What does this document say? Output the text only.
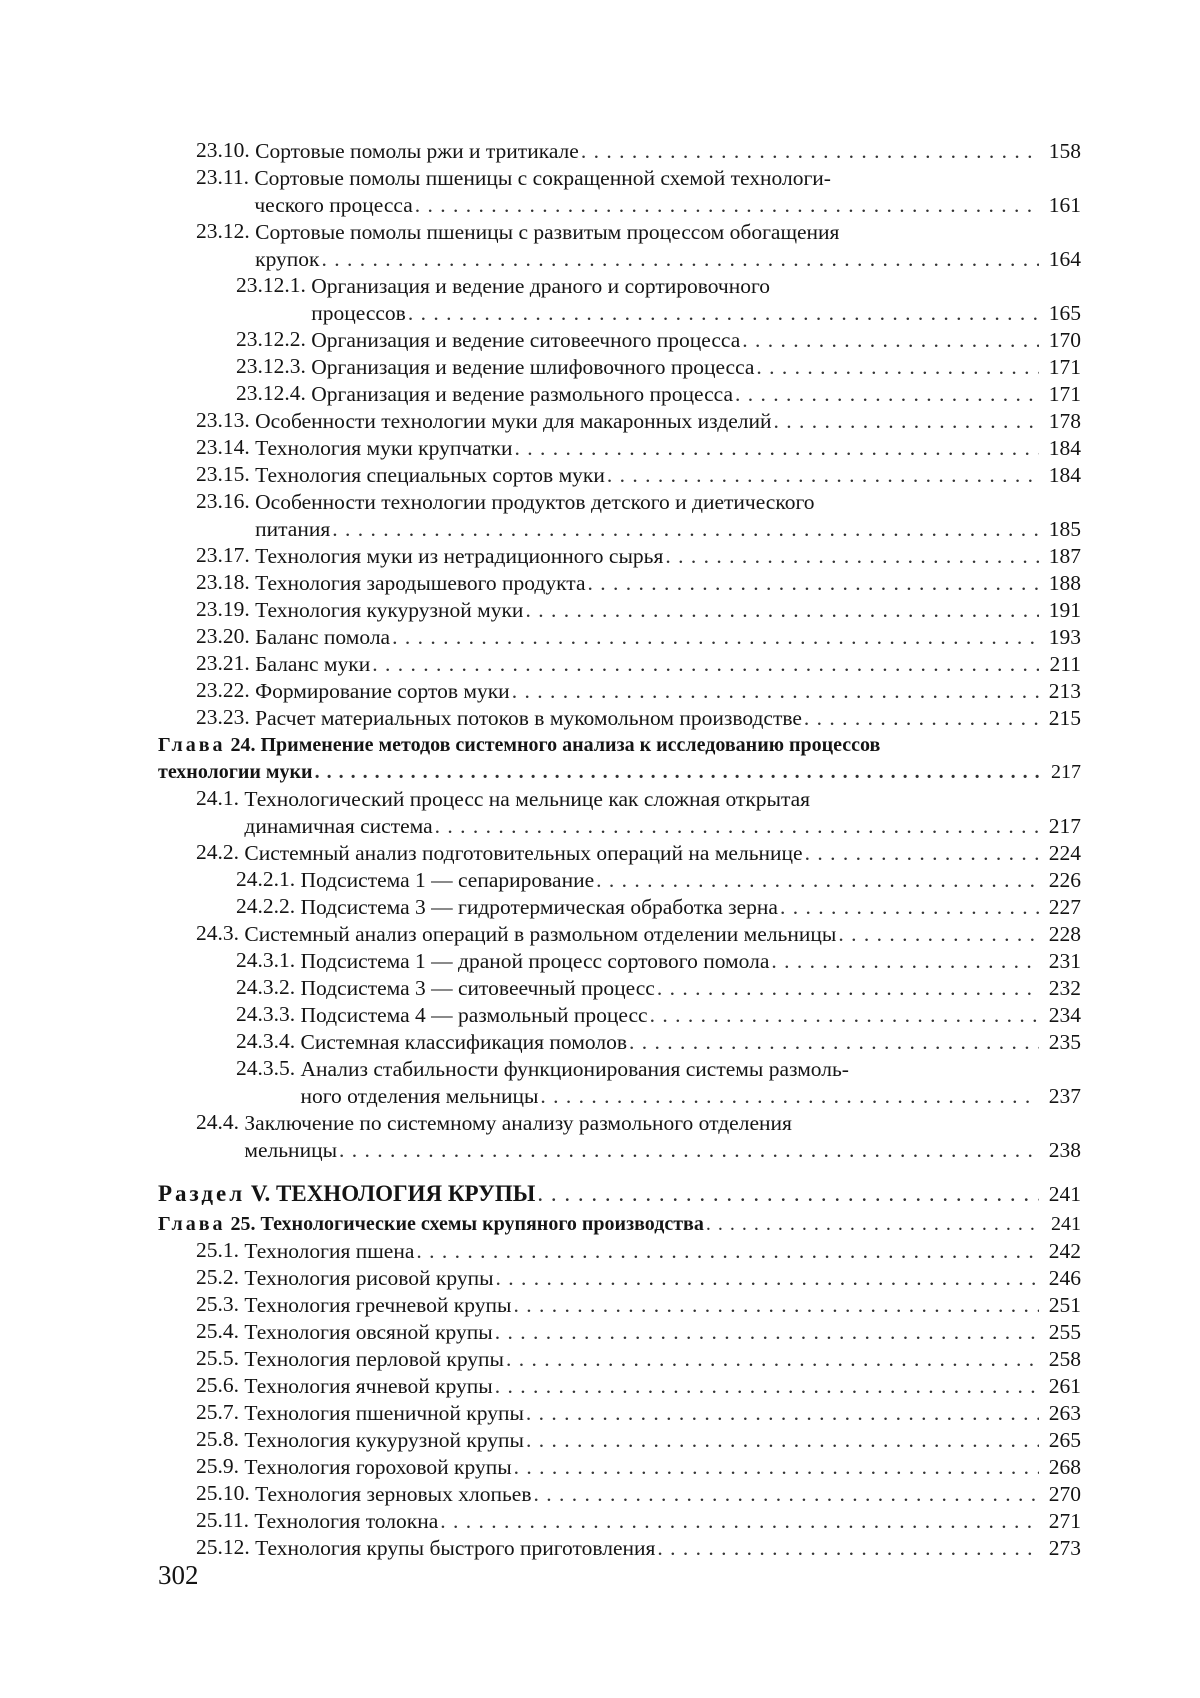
23.10. Сортовые помолы ржи и тритикале . . .	158
23.11. Сортовые помолы пшеницы с сокращенной схемой технологи-
ческого процесса . . .	161
23.12. Сортовые помолы пшеницы с развитым процессом обогащения
крупок . . .	164
23.12.1. Организация и ведение драного и сортировочного
процессов . . .	165
23.12.2. Организация и ведение ситовеечного процесса . . .	170
23.12.3. Организация и ведение шлифовочного процесса . . .	171
23.12.4. Организация и ведение размольного процесса . . .	171
23.13. Особенности технологии муки для макаронных изделий . . .	178
23.14. Технология муки крупчатки . . .	184
23.15. Технология специальных сортов муки . . .	184
23.16. Особенности технологии продуктов детского и диетического
питания . . .	185
23.17. Технология муки из нетрадиционного сырья . . .	187
23.18. Технология зародышевого продукта . . .	188
23.19. Технология кукурузной муки . . .	191
23.20. Баланс помола . . .	193
23.21. Баланс муки . . .	211
23.22. Формирование сортов муки . . .	213
23.23. Расчет материальных потоков в мукомольном производстве . . .	215
Глава 24. Применение методов системного анализа к исследованию процессов
технологии муки . . .	217
24.1. Технологический процесс на мельнице как сложная открытая
динамичная система . . .	217
24.2. Системный анализ подготовительных операций на мельнице . . .	224
24.2.1. Подсистема 1 — сепарирование . . .	226
24.2.2. Подсистема 3 — гидротермическая обработка зерна . . .	227
24.3. Системный анализ операций в размольном отделении мельницы . . .	228
24.3.1. Подсистема 1 — драной процесс сортового помола . . .	231
24.3.2. Подсистема 3 — ситовеечный процесс . . .	232
24.3.3. Подсистема 4 — размольный процесс . . .	234
24.3.4. Системная классификация помолов . . .	235
24.3.5. Анализ стабильности функционирования системы размоль-
ного отделения мельницы . . .	237
24.4. Заключение по системному анализу размольного отделения
мельницы . . .	238
Раздел V. ТЕХНОЛОГИЯ КРУПЫ . . .	241
Глава 25. Технологические схемы крупяного производства . . .	241
25.1. Технология пшена . . .	242
25.2. Технология рисовой крупы . . .	246
25.3. Технология гречневой крупы . . .	251
25.4. Технология овсяной крупы . . .	255
25.5. Технология перловой крупы . . .	258
25.6. Технология ячневой крупы . . .	261
25.7. Технология пшеничной крупы . . .	263
25.8. Технология кукурузной крупы . . .	265
25.9. Технология гороховой крупы . . .	268
25.10. Технология зерновых хлопьев . . .	270
25.11. Технология толокна . . .	271
25.12. Технология крупы быстрого приготовления . . .	273
302
